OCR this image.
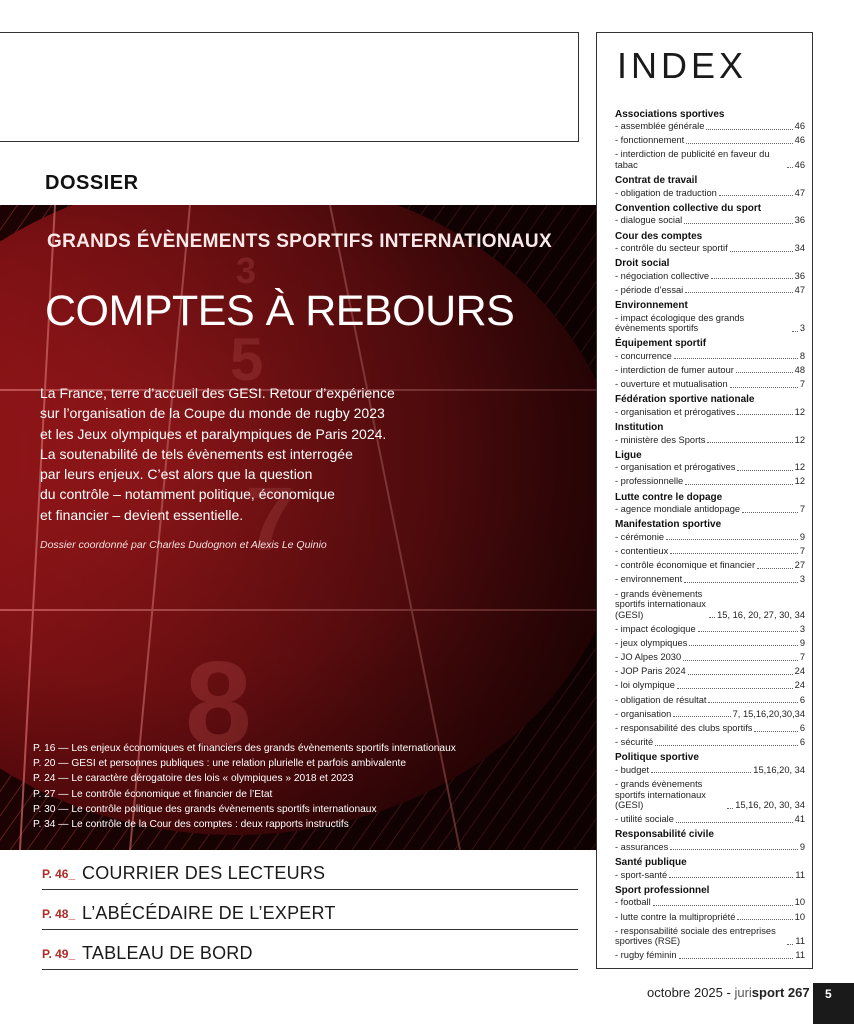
DOSSIER
GRANDS ÉVÈNEMENTS SPORTIFS INTERNATIONAUX
COMPTES À REBOURS
La France, terre d’accueil des GESI. Retour d’expérience
sur l’organisation de la Coupe du monde de rugby 2023
et les Jeux olympiques et paralympiques de Paris 2024.
La soutenabilité de tels évènements est interrogée
par leurs enjeux. C’est alors que la question
du contrôle – notamment politique, économique
et financier – devient essentielle.
Dossier coordonné par Charles Dudognon et Alexis Le Quinio
P. 16 — Les enjeux économiques et financiers des grands évènements sportifs internationaux
P. 20 — GESI et personnes publiques : une relation plurielle et parfois ambivalente
P. 24 — Le caractère dérogatoire des lois « olympiques » 2018 et 2023
P. 27 — Le contrôle économique et financier de l’Etat
P. 30 — Le contrôle politique des grands évènements sportifs internationaux
P. 34 — Le contrôle de la Cour des comptes : deux rapports instructifs
P. 46_ COURRIER DES LECTEURS
P. 48_ L’ABÉCÉDAIRE DE L’EXPERT
P. 49_ TABLEAU DE BORD
INDEX
Associations sportives
- assemblée générale	46
- fonctionnement	46
- interdiction de publicité en faveur du tabac	46
Contrat de travail
- obligation de traduction	47
Convention collective du sport
- dialogue social	36
Cour des comptes
- contrôle du secteur sportif	34
Droit social
- négociation collective	36
- période d’essai	47
Environnement
- impact écologique des grands évènements sportifs	3
Équipement sportif
- concurrence	8
- interdiction de fumer autour	48
- ouverture et mutualisation	7
Fédération sportive nationale
- organisation et prérogatives	12
Institution
- ministère des Sports	12
Ligue
- organisation et prérogatives	12
- professionnelle	12
Lutte contre le dopage
- agence mondiale antidopage	7
Manifestation sportive
- cérémonie	9
- contentieux	7
- contrôle économique et financier	27
- environnement	3
- grands évènements sportifs internationaux (GESI)	15, 16, 20, 27, 30, 34
- impact écologique	3
- jeux olympiques	9
- JO Alpes 2030	7
- JOP Paris 2024	24
- loi olympique	24
- obligation de résultat	6
- organisation	7, 15,16,20,30,34
- responsabilité des clubs sportifs	6
- sécurité	6
Politique sportive
- budget	15,16,20, 34
- grands évènements sportifs internationaux (GESI)	15,16, 20, 30, 34
- utilité sociale	41
Responsabilité civile
- assurances	9
Santé publique
- sport-santé	11
Sport professionnel
- football	10
- lutte contre la multipropriété	10
- responsabilité sociale des entreprises sportives (RSE)	11
- rugby féminin	11
octobre 2025 - jurisport 267	5
